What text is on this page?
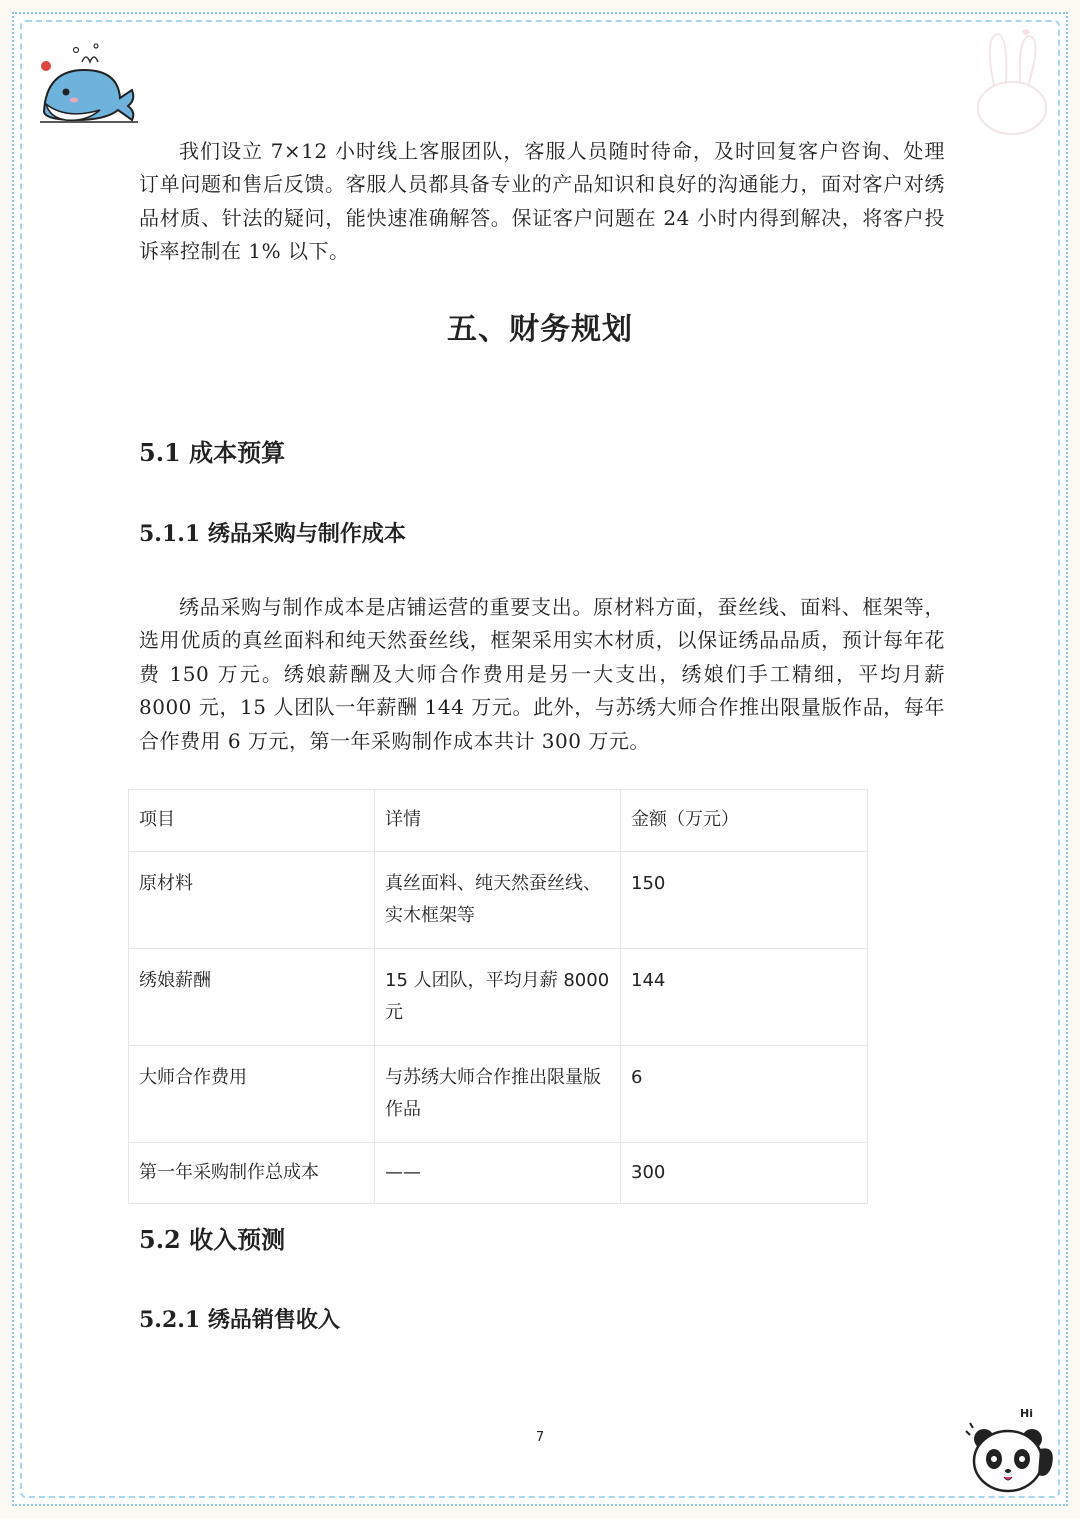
我们设立 7×12 小时线上客服团队，客服人员随时待命，及时回复客户咨询、处理订单问题和售后反馈。客服人员都具备专业的产品知识和良好的沟通能力，面对客户对绣品材质、针法的疑问，能快速准确解答。保证客户问题在 24 小时内得到解决，将客户投诉率控制在 1% 以下。

五、财务规划
5.1 成本预算
5.1.1 绣品采购与制作成本

绣品采购与制作成本是店铺运营的重要支出。原材料方面，蚕丝线、面料、框架等，选用优质的真丝面料和纯天然蚕丝线，框架采用实木材质，以保证绣品品质，预计每年花费 150 万元。绣娘薪酬及大师合作费用是另一大支出，绣娘们手工精细，平均月薪 8000 元，15 人团队一年薪酬 144 万元。此外，与苏绣大师合作推出限量版作品，每年合作费用 6 万元，第一年采购制作成本共计 300 万元。

项目	详情	金额（万元）
原材料	真丝面料、纯天然蚕丝线、实木框架等	150
绣娘薪酬	15 人团队，平均月薪 8000 元	144
大师合作费用	与苏绣大师合作推出限量版作品	6
第一年采购制作总成本	——	300
5.2 收入预测
5.2.1 绣品销售收入
7
Hi
